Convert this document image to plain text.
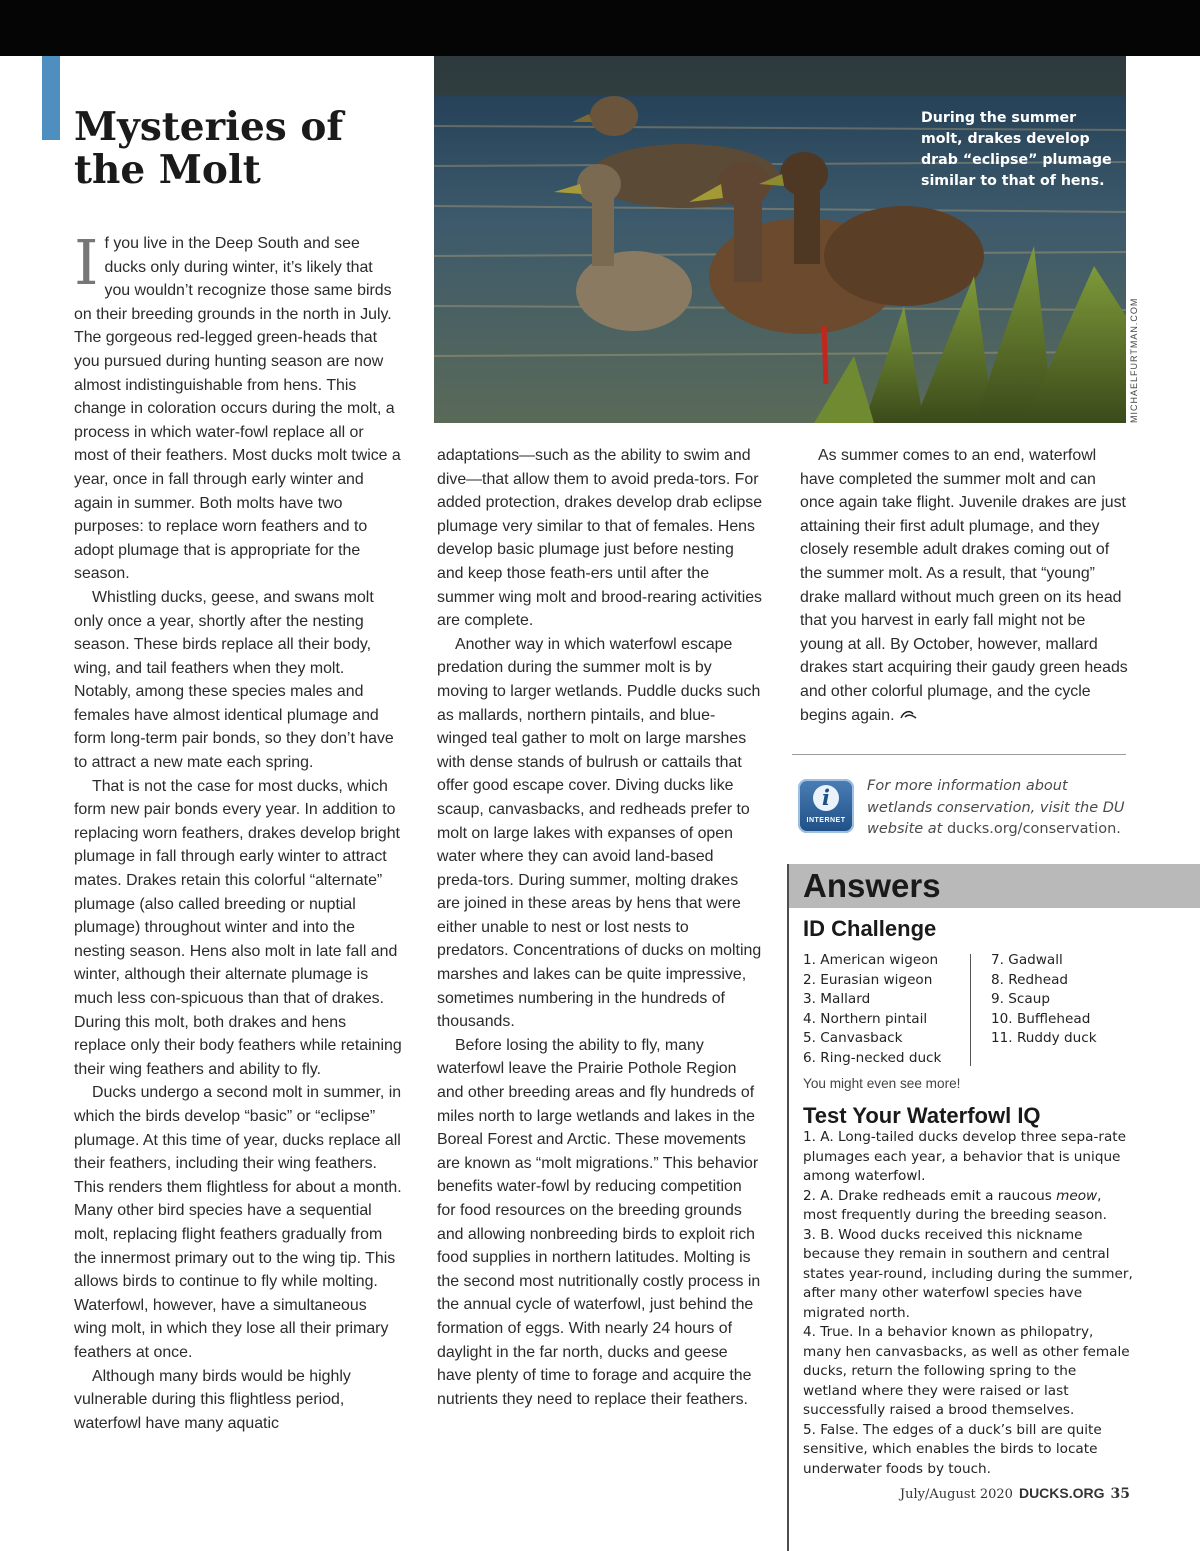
Mysteries of
the Molt

If you live in the Deep South and see ducks only during winter, it’s likely that you wouldn’t recognize those same birds on their breeding grounds in the north in July. The gorgeous red-legged green-heads that you pursued during hunting season are now almost indistinguishable from hens. This change in coloration occurs during the molt, a process in which water-fowl replace all or most of their feathers. Most ducks molt twice a year, once in fall through early winter and again in summer. Both molts have two purposes: to replace worn feathers and to adopt plumage that is appropriate for the season.

Whistling ducks, geese, and swans molt only once a year, shortly after the nesting season. These birds replace all their body, wing, and tail feathers when they molt. Notably, among these species males and females have almost identical plumage and form long-term pair bonds, so they don’t have to attract a new mate each spring.

That is not the case for most ducks, which form new pair bonds every year. In addition to replacing worn feathers, drakes develop bright plumage in fall through early winter to attract mates. Drakes retain this colorful “alternate” plumage (also called breeding or nuptial plumage) throughout winter and into the nesting season. Hens also molt in late fall and winter, although their alternate plumage is much less con-spicuous than that of drakes. During this molt, both drakes and hens replace only their body feathers while retaining their wing feathers and ability to fly.

Ducks undergo a second molt in summer, in which the birds develop “basic” or “eclipse” plumage. At this time of year, ducks replace all their feathers, including their wing feathers. This renders them flightless for about a month. Many other bird species have a sequential molt, replacing flight feathers gradually from the innermost primary out to the wing tip. This allows birds to continue to fly while molting. Waterfowl, however, have a simultaneous wing molt, in which they lose all their primary feathers at once.

Although many birds would be highly vulnerable during this flightless period, waterfowl have many aquatic

During the summer molt, drakes develop drab “eclipse” plumage similar to that of hens.
MICHAELFURTMAN.COM

adaptations—such as the ability to swim and dive—that allow them to avoid preda-tors. For added protection, drakes develop drab eclipse plumage very similar to that of females. Hens develop basic plumage just before nesting and keep those feath-ers until after the summer wing molt and brood-rearing activities are complete.

Another way in which waterfowl escape predation during the summer molt is by moving to larger wetlands. Puddle ducks such as mallards, northern pintails, and blue-winged teal gather to molt on large marshes with dense stands of bulrush or cattails that offer good escape cover. Diving ducks like scaup, canvasbacks, and redheads prefer to molt on large lakes with expanses of open water where they can avoid land-based preda-tors. During summer, molting drakes are joined in these areas by hens that were either unable to nest or lost nests to predators. Concentrations of ducks on molting marshes and lakes can be quite impressive, sometimes numbering in the hundreds of thousands.

Before losing the ability to fly, many waterfowl leave the Prairie Pothole Region and other breeding areas and fly hundreds of miles north to large wetlands and lakes in the Boreal Forest and Arctic. These movements are known as “molt migrations.” This behavior benefits water-fowl by reducing competition for food resources on the breeding grounds and allowing nonbreeding birds to exploit rich food supplies in northern latitudes. Molting is the second most nutritionally costly process in the annual cycle of waterfowl, just behind the formation of eggs. With nearly 24 hours of daylight in the far north, ducks and geese have plenty of time to forage and acquire the nutrients they need to replace their feathers.

As summer comes to an end, waterfowl have completed the summer molt and can once again take flight. Juvenile drakes are just attaining their first adult plumage, and they closely resemble adult drakes coming out of the summer molt. As a result, that “young” drake mallard without much green on its head that you harvest in early fall might not be young at all. By October, however, mallard drakes start acquiring their gaudy green heads and other colorful plumage, and the cycle begins again.

i
INTERNET
For more information about wetlands conservation, visit the DU website at ducks.org/conservation.
Answers
ID Challenge
1. American wigeon
2. Eurasian wigeon
3. Mallard
4. Northern pintail
5. Canvasback
6. Ring-necked duck
7. Gadwall
8. Redhead
9. Scaup
10. Bufflehead
11. Ruddy duck
You might even see more!
Test Your Waterfowl IQ

1. A. Long-tailed ducks develop three sepa-rate plumages each year, a behavior that is unique among waterfowl.

2. A. Drake redheads emit a raucous meow, most frequently during the breeding season.

3. B. Wood ducks received this nickname because they remain in southern and central states year-round, including during the summer, after many other waterfowl species have migrated north.

4. True. In a behavior known as philopatry, many hen canvasbacks, as well as other female ducks, return the following spring to the wetland where they were raised or last successfully raised a brood themselves.

5. False. The edges of a duck’s bill are quite sensitive, which enables the birds to locate underwater foods by touch.

July/August 2020 DUCKS.ORG 35
